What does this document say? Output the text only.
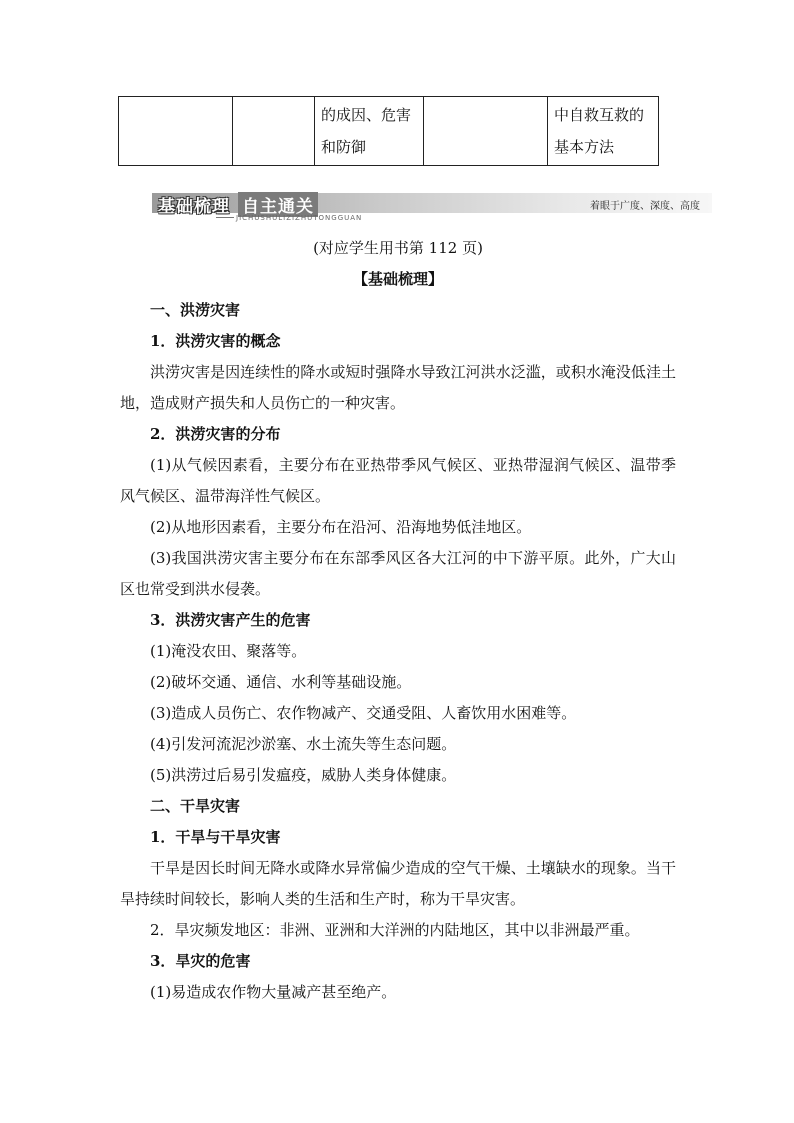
		的成因、危害和防御		中自救互救的基本方法
基础梳理 自主通关
JICHUSHULIZIZHUTONGGUAN
着眼于广度、深度、高度
(对应学生用书第 112 页)
【基础梳理】
一、洪涝灾害
1．洪涝灾害的概念
洪涝灾害是因连续性的降水或短时强降水导致江河洪水泛滥，或积水淹没低洼土地，造成财产损失和人员伤亡的一种灾害。
2．洪涝灾害的分布
(1)从气候因素看，主要分布在亚热带季风气候区、亚热带湿润气候区、温带季风气候区、温带海洋性气候区。
(2)从地形因素看，主要分布在沿河、沿海地势低洼地区。
(3)我国洪涝灾害主要分布在东部季风区各大江河的中下游平原。此外，广大山区也常受到洪水侵袭。
3．洪涝灾害产生的危害
(1)淹没农田、聚落等。
(2)破坏交通、通信、水利等基础设施。
(3)造成人员伤亡、农作物减产、交通受阻、人畜饮用水困难等。
(4)引发河流泥沙淤塞、水土流失等生态问题。
(5)洪涝过后易引发瘟疫，威胁人类身体健康。
二、干旱灾害
1．干旱与干旱灾害
干旱是因长时间无降水或降水异常偏少造成的空气干燥、土壤缺水的现象。当干旱持续时间较长，影响人类的生活和生产时，称为干旱灾害。
2．旱灾频发地区：非洲、亚洲和大洋洲的内陆地区，其中以非洲最严重。
3．旱灾的危害
(1)易造成农作物大量减产甚至绝产。
